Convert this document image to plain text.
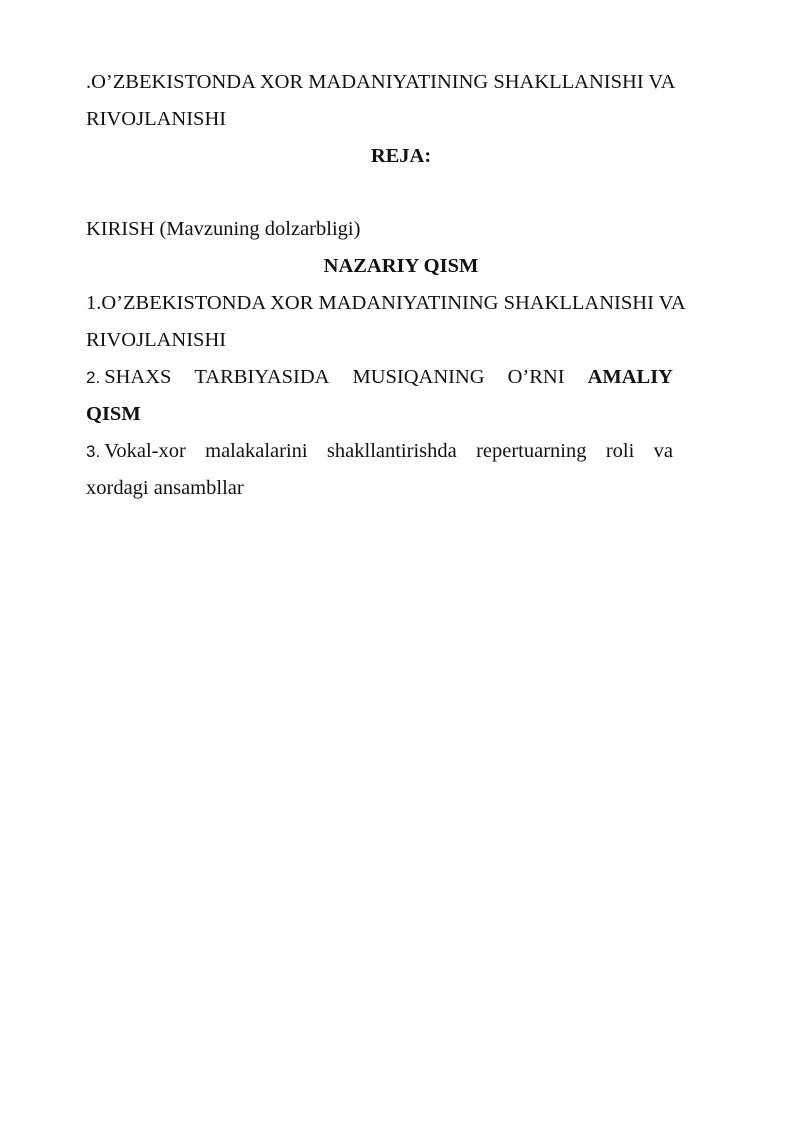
.O’ZBEKISTONDA XOR MADANIYATINING SHAKLLANISHI VA RIVOJLANISHI

REJA:

KIRISH (Mavzuning dolzarbligi)

NAZARIY QISM

1.O’ZBEKISTONDA XOR MADANIYATINING SHAKLLANISHI VA RIVOJLANISHI

2. SHAXS TARBIYASIDA MUSIQANING O’RNI AMALIY
QISM
3. Vokal-xor malakalarini shakllantirishda repertuarning roli va
xordagi ansambllar
